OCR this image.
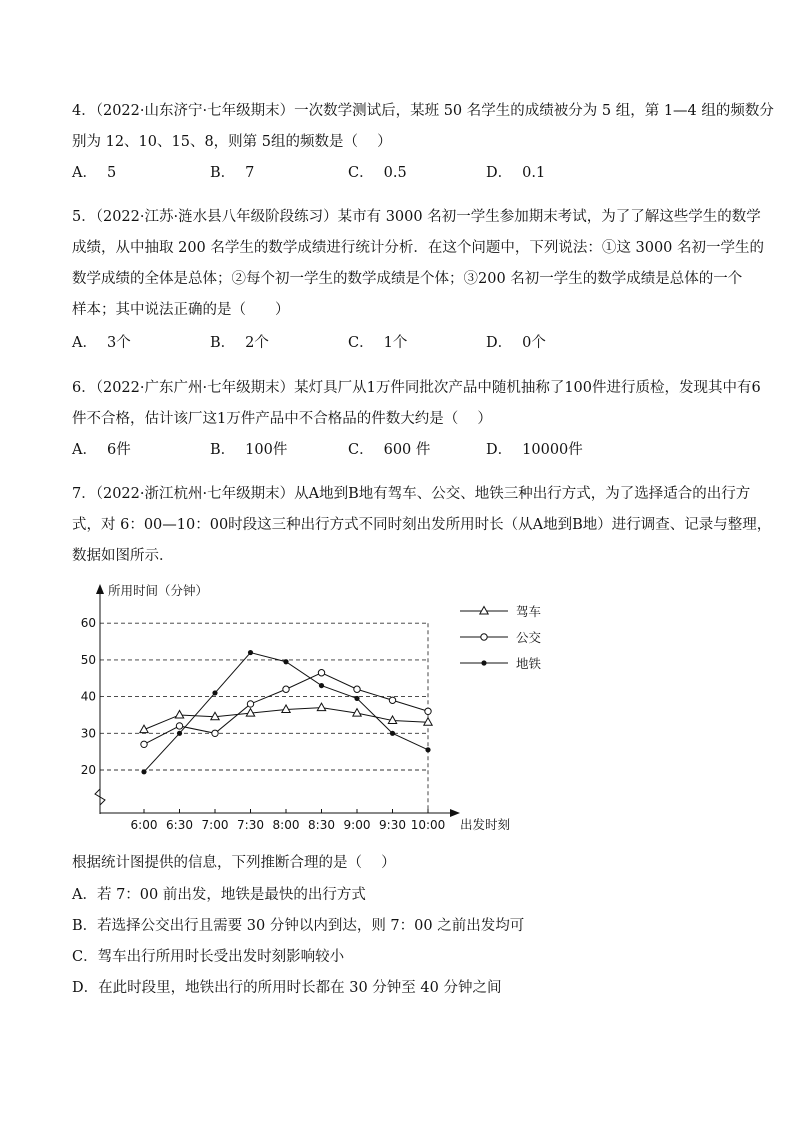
4．（2022·山东济宁·七年级期末）一次数学测试后，某班 50 名学生的成绩被分为 5 组，第 1—4 组的频数分
别为 12、10、15、8，则第 5组的频数是（　 ）
A． 5	B． 7	C． 0.5	D． 0.1
5．（2022·江苏·涟水县八年级阶段练习）某市有 3000 名初一学生参加期末考试，为了了解这些学生的数学
成绩，从中抽取 200 名学生的数学成绩进行统计分析．在这个问题中，下列说法：①这 3000 名初一学生的
数学成绩的全体是总体；②每个初一学生的数学成绩是个体；③200 名初一学生的数学成绩是总体的一个
样本；其中说法正确的是（　　）
A． 3个	B． 2个	C． 1个	D． 0个
6．（2022·广东广州·七年级期末）某灯具厂从1万件同批次产品中随机抽称了100件进行质检，发现其中有6
件不合格，估计该厂这1万件产品中不合格品的件数大约是（　 ）
A． 6件	B． 100件	C． 600 件	D． 10000件
7．（2022·浙江杭州·七年级期末）从A地到B地有驾车、公交、地铁三种出行方式，为了选择适合的出行方
式，对 6：00—10：00时段这三种出行方式不同时刻出发所用时长（从A地到B地）进行调查、记录与整理，
数据如图所示．
所用时间（分钟）
出发时刻
20
30
40
50
60
6:00 6:30 7:00 7:30 8:00 8:30 9:00 9:30 10:00
驾车
公交
地铁
根据统计图提供的信息，下列推断合理的是（　 ）
A．若 7：00 前出发，地铁是最快的出行方式
B．若选择公交出行且需要 30 分钟以内到达，则 7：00 之前出发均可
C．驾车出行所用时长受出发时刻影响较小
D．在此时段里，地铁出行的所用时长都在 30 分钟至 40 分钟之间
